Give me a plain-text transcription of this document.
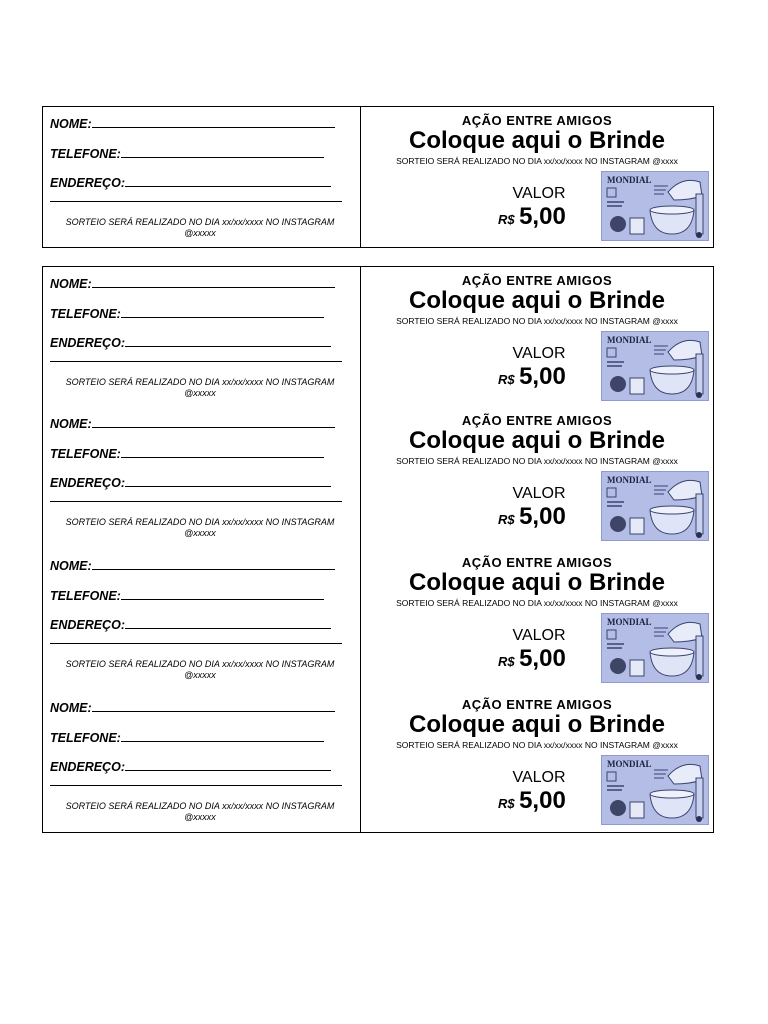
NOME:
TELEFONE:
ENDEREÇO:
SORTEIO SERÁ REALIZADO NO DIA xx/xx/xxxx NO INSTAGRAM @xxxxx
AÇÃO ENTRE AMIGOS
Coloque aqui o Brinde
SORTEIO SERÁ REALIZADO NO DIA xx/xx/xxxx NO INSTAGRAM @xxxx
VALOR
R$ 5,00
MONDIAL
NOME:
TELEFONE:
ENDEREÇO:
SORTEIO SERÁ REALIZADO NO DIA xx/xx/xxxx NO INSTAGRAM @xxxxx
AÇÃO ENTRE AMIGOS
Coloque aqui o Brinde
SORTEIO SERÁ REALIZADO NO DIA xx/xx/xxxx NO INSTAGRAM @xxxx
VALOR
R$ 5,00
MONDIAL
NOME:
TELEFONE:
ENDEREÇO:
SORTEIO SERÁ REALIZADO NO DIA xx/xx/xxxx NO INSTAGRAM @xxxxx
AÇÃO ENTRE AMIGOS
Coloque aqui o Brinde
SORTEIO SERÁ REALIZADO NO DIA xx/xx/xxxx NO INSTAGRAM @xxxx
VALOR
R$ 5,00
MONDIAL
NOME:
TELEFONE:
ENDEREÇO:
SORTEIO SERÁ REALIZADO NO DIA xx/xx/xxxx NO INSTAGRAM @xxxxx
AÇÃO ENTRE AMIGOS
Coloque aqui o Brinde
SORTEIO SERÁ REALIZADO NO DIA xx/xx/xxxx NO INSTAGRAM @xxxx
VALOR
R$ 5,00
MONDIAL
NOME:
TELEFONE:
ENDEREÇO:
SORTEIO SERÁ REALIZADO NO DIA xx/xx/xxxx NO INSTAGRAM @xxxxx
AÇÃO ENTRE AMIGOS
Coloque aqui o Brinde
SORTEIO SERÁ REALIZADO NO DIA xx/xx/xxxx NO INSTAGRAM @xxxx
VALOR
R$ 5,00
MONDIAL
